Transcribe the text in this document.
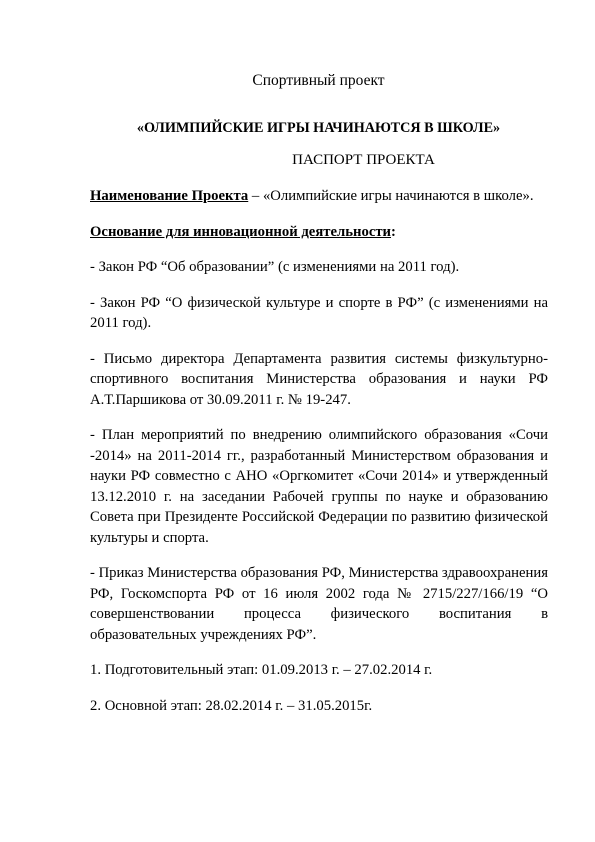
Спортивный проект
«ОЛИМПИЙСКИЕ ИГРЫ НАЧИНАЮТСЯ В ШКОЛЕ»
ПАСПОРТ ПРОЕКТА

Наименование Проекта – «Олимпийские игры начинаются в школе».

Основание для инновационной деятельности:

- Закон РФ “Об образовании” (с изменениями на 2011 год).

- Закон РФ “О физической культуре и спорте в РФ” (с изменениями на 2011 год).

- Письмо директора Департамента развития системы физкультурно-спортивного воспитания Министерства образования и науки РФ А.Т.Паршикова от 30.09.2011 г. № 19-247.

- План мероприятий по внедрению олимпийского образования «Сочи -2014» на 2011-2014 гг., разработанный Министерством образования и науки РФ совместно с АНО «Оргкомитет «Сочи 2014» и утвержденный 13.12.2010 г. на заседании Рабочей группы по науке и образованию Совета при Президенте Российской Федерации по развитию физической культуры и спорта.

- Приказ Министерства образования РФ, Министерства здравоохранения РФ, Госкомспорта РФ от 16 июля 2002 года № 2715/227/166/19 “О совершенствовании процесса физического воспитания в образовательных учреждениях РФ”.

1. Подготовительный этап: 01.09.2013 г. – 27.02.2014 г.

2. Основной этап: 28.02.2014 г. – 31.05.2015г.
